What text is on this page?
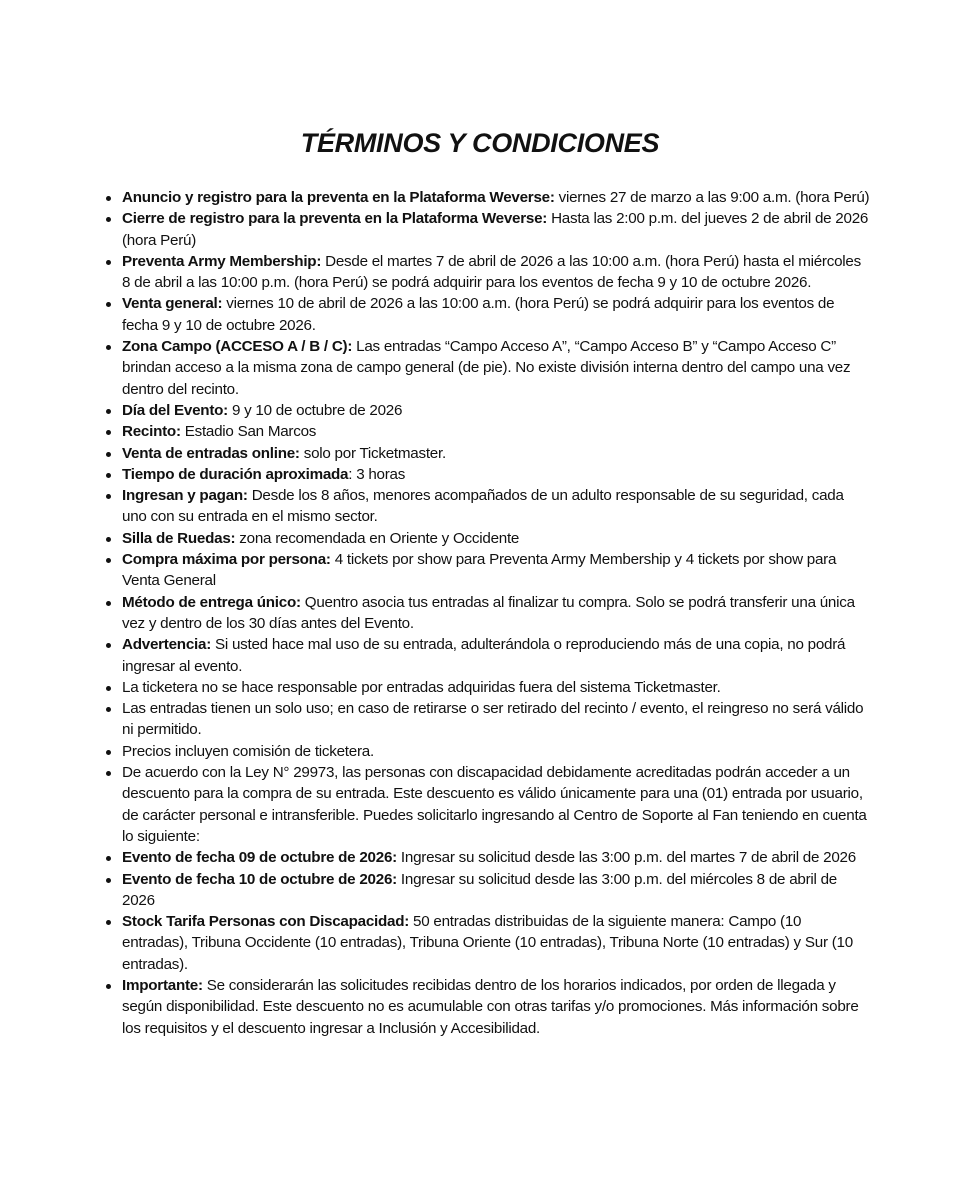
TÉRMINOS Y CONDICIONES
Anuncio y registro para la preventa en la Plataforma Weverse: viernes 27 de marzo a las 9:00 a.m. (hora Perú)
Cierre de registro para la preventa en la Plataforma Weverse: Hasta las 2:00 p.m. del jueves 2 de abril de 2026 (hora Perú)
Preventa Army Membership: Desde el martes 7 de abril de 2026 a las 10:00 a.m. (hora Perú) hasta el miércoles 8 de abril a las 10:00 p.m. (hora Perú) se podrá adquirir para los eventos de fecha 9 y 10 de octubre 2026.
Venta general: viernes 10 de abril de 2026 a las 10:00 a.m. (hora Perú) se podrá adquirir para los eventos de fecha 9 y 10 de octubre 2026.
Zona Campo (ACCESO A / B / C): Las entradas “Campo Acceso A”, “Campo Acceso B” y “Campo Acceso C” brindan acceso a la misma zona de campo general (de pie). No existe división interna dentro del campo una vez dentro del recinto.
Día del Evento: 9 y 10 de octubre de 2026
Recinto: Estadio San Marcos
Venta de entradas online: solo por Ticketmaster.
Tiempo de duración aproximada: 3 horas
Ingresan y pagan: Desde los 8 años, menores acompañados de un adulto responsable de su seguridad, cada uno con su entrada en el mismo sector.
Silla de Ruedas: zona recomendada en Oriente y Occidente
Compra máxima por persona: 4 tickets por show para Preventa Army Membership y 4 tickets por show para Venta General
Método de entrega único: Quentro asocia tus entradas al finalizar tu compra. Solo se podrá transferir una única vez y dentro de los 30 días antes del Evento.
Advertencia: Si usted hace mal uso de su entrada, adulterándola o reproduciendo más de una copia, no podrá ingresar al evento.
La ticketera no se hace responsable por entradas adquiridas fuera del sistema Ticketmaster.
Las entradas tienen un solo uso; en caso de retirarse o ser retirado del recinto / evento, el reingreso no será válido ni permitido.
Precios incluyen comisión de ticketera.
De acuerdo con la Ley N° 29973, las personas con discapacidad debidamente acreditadas podrán acceder a un descuento para la compra de su entrada. Este descuento es válido únicamente para una (01) entrada por usuario, de carácter personal e intransferible. Puedes solicitarlo ingresando al Centro de Soporte al Fan teniendo en cuenta lo siguiente:
Evento de fecha 09 de octubre de 2026: Ingresar su solicitud desde las 3:00 p.m. del martes 7 de abril de 2026
Evento de fecha 10 de octubre de 2026: Ingresar su solicitud desde las 3:00 p.m. del miércoles 8 de abril de 2026
Stock Tarifa Personas con Discapacidad: 50 entradas distribuidas de la siguiente manera: Campo (10 entradas), Tribuna Occidente (10 entradas), Tribuna Oriente (10 entradas), Tribuna Norte (10 entradas) y Sur (10 entradas).
Importante: Se considerarán las solicitudes recibidas dentro de los horarios indicados, por orden de llegada y según disponibilidad. Este descuento no es acumulable con otras tarifas y/o promociones. Más información sobre los requisitos y el descuento ingresar a Inclusión y Accesibilidad.
